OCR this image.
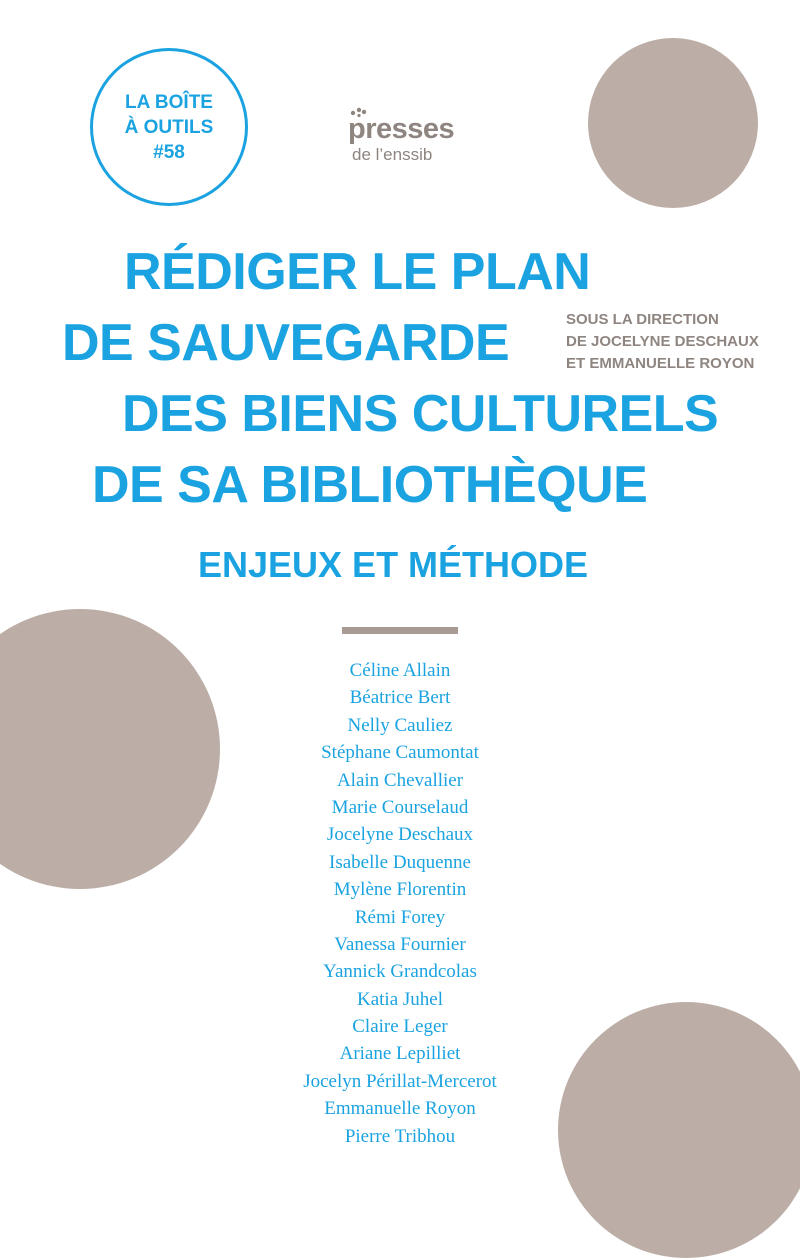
LA BOÎTE
À OUTILS
#58
presses
de l’enssib
RÉDIGER LE PLAN
DE SAUVEGARDE
DES BIENS CULTURELS
DE SA BIBLIOTHÈQUE
ENJEUX ET MÉTHODE
SOUS LA DIRECTION
DE JOCELYNE DESCHAUX
ET EMMANUELLE ROYON
Céline Allain
Béatrice Bert
Nelly Cauliez
Stéphane Caumontat
Alain Chevallier
Marie Courselaud
Jocelyne Deschaux
Isabelle Duquenne
Mylène Florentin
Rémi Forey
Vanessa Fournier
Yannick Grandcolas
Katia Juhel
Claire Leger
Ariane Lepilliet
Jocelyn Périllat-Mercerot
Emmanuelle Royon
Pierre Tribhou
